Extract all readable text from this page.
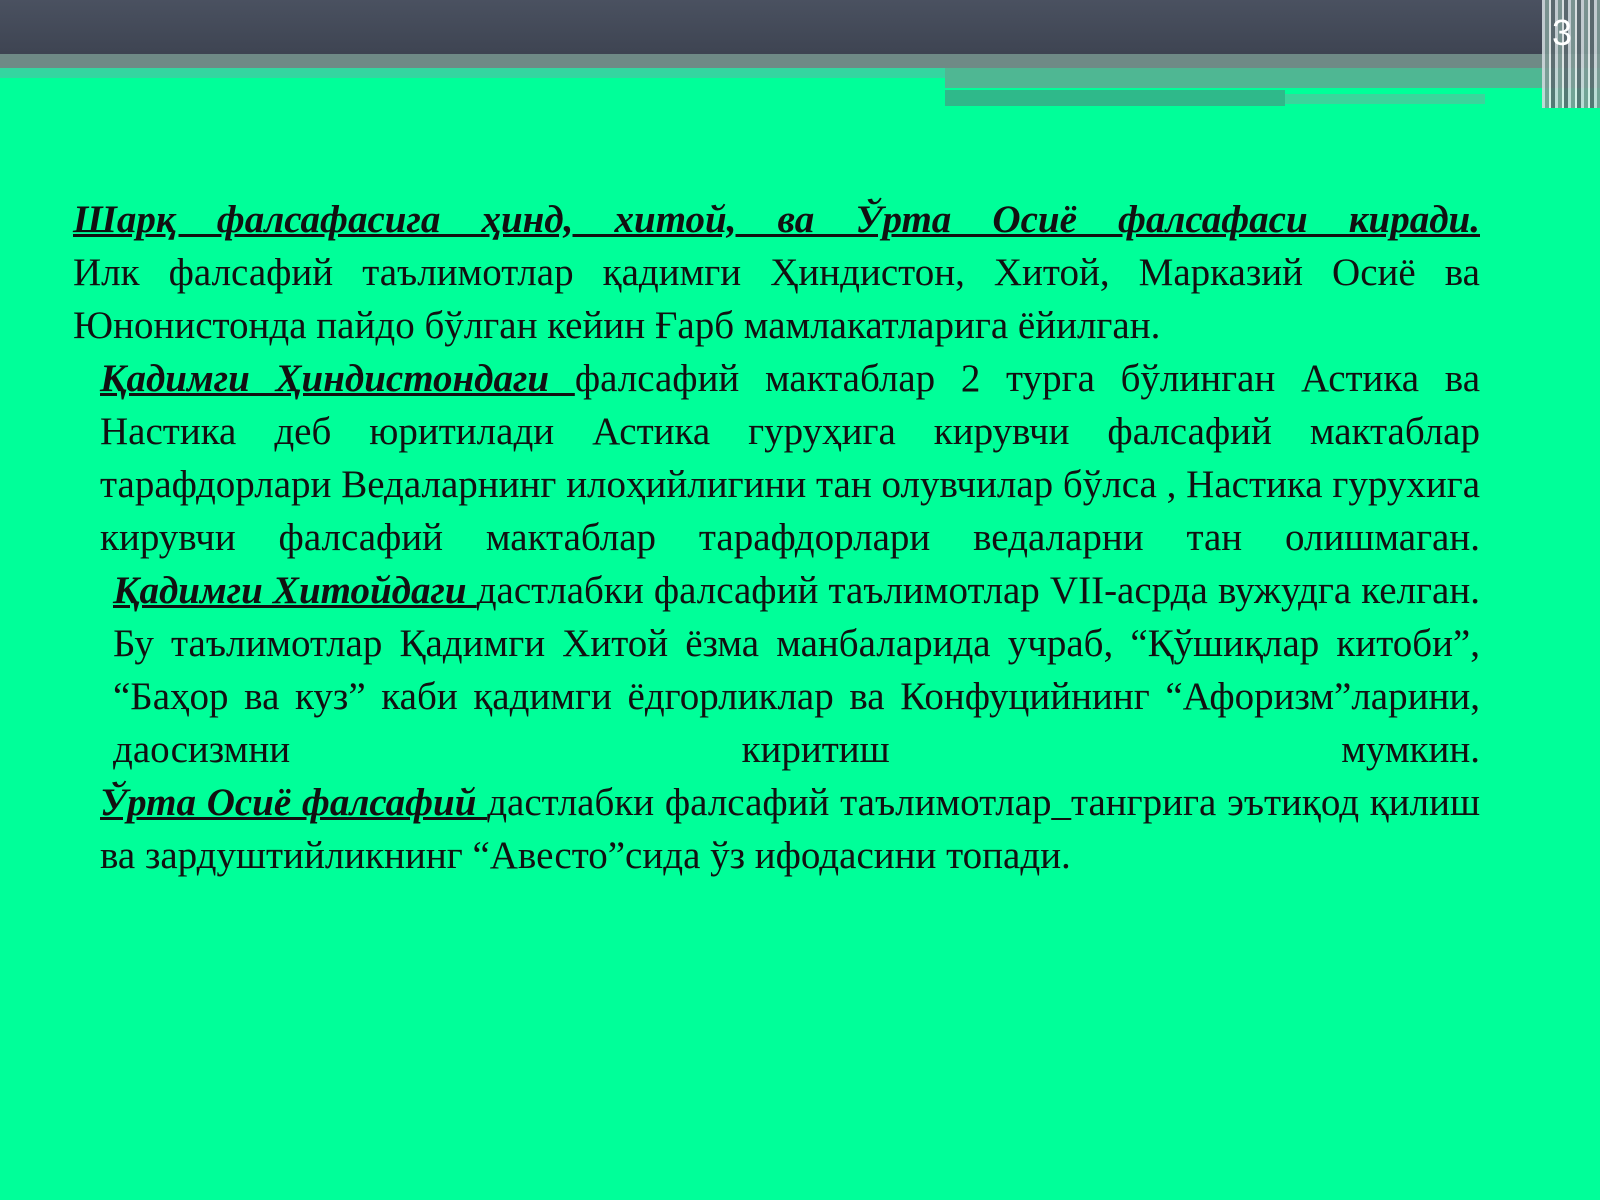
3

Шарқ фалсафасига ҳинд, хитой, ва Ўрта Осиё фалсафаси киради.

Илк фалсафий таълимотлар қадимги Ҳиндистон, Хитой, Марказий Осиё ва Юнонистонда пайдо бўлган кейин Ғарб мамлакатларига ёйилган.

Қадимги Ҳиндистондаги фалсафий мактаблар 2 турга бўлинган Астика ва Настика деб юритилади Астика гуруҳига кирувчи фалсафий мактаблар тарафдорлари Ведаларнинг илоҳийлигини тан олувчилар бўлса , Настика гурухига кирувчи фалсафий мактаблар тарафдорлари ведаларни тан олишмаган.

Қадимги Хитойдаги дастлабки фалсафий таълимотлар VII-асрда вужудга келган. Бу таълимотлар Қадимги Хитой ёзма манбаларида учраб, “Қўшиқлар китоби”, “Баҳор ва куз” каби қадимги ёдгорликлар ва Конфуцийнинг “Афоризм”ларини, даосизмни киритиш мумкин.

Ўрта Осиё фалсафий дастлабки фалсафий таълимотлар_тангрига эътиқод қилиш ва зардуштийликнинг “Авесто”сида ўз ифодасини топади.
